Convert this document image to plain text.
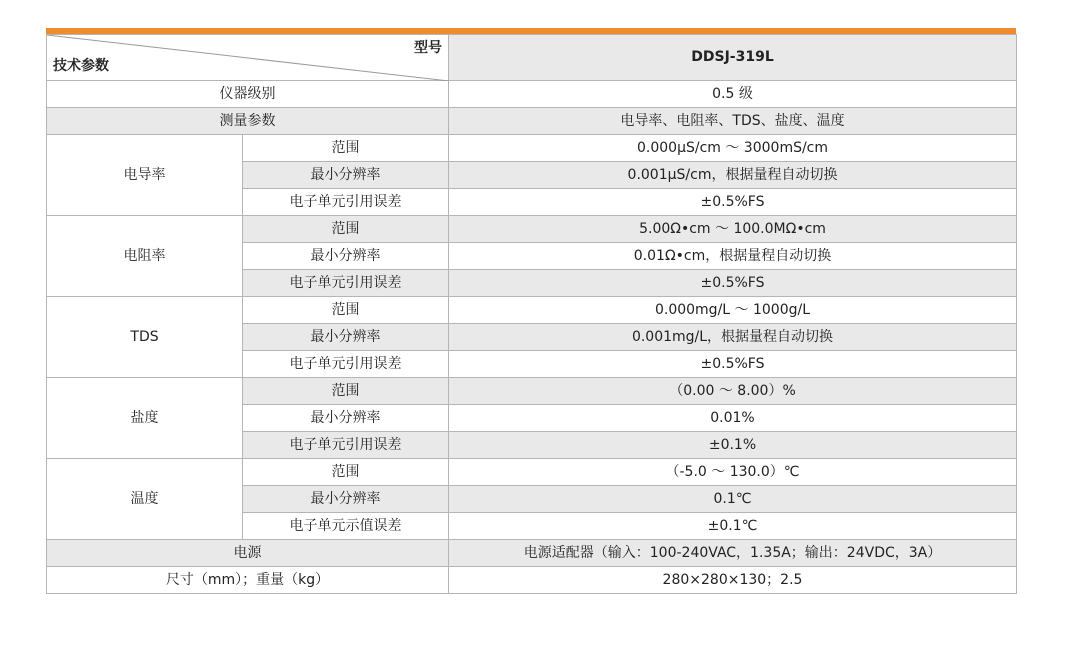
型号
技术参数		DDSJ-319L
仪器级别		0.5 级
测量参数		电导率、电阻率、TDS、盐度、温度
电导率	范围	0.000μS/cm ～ 3000mS/cm
	最小分辨率	0.001μS/cm，根据量程自动切换
	电子单元引用误差	±0.5%FS
电阻率	范围	5.00Ω•cm ～ 100.0MΩ•cm
	最小分辨率	0.01Ω•cm，根据量程自动切换
	电子单元引用误差	±0.5%FS
TDS	范围	0.000mg/L ～ 1000g/L
	最小分辨率	0.001mg/L，根据量程自动切换
	电子单元引用误差	±0.5%FS
盐度	范围	（0.00 ～ 8.00）%
	最小分辨率	0.01%
	电子单元引用误差	±0.1%
温度	范围	（-5.0 ～ 130.0）℃
	最小分辨率	0.1℃
	电子单元示值误差	±0.1℃
电源		电源适配器（输入：100-240VAC，1.35A；输出：24VDC，3A）
尺寸（mm）；重量（kg）		280×280×130；2.5
